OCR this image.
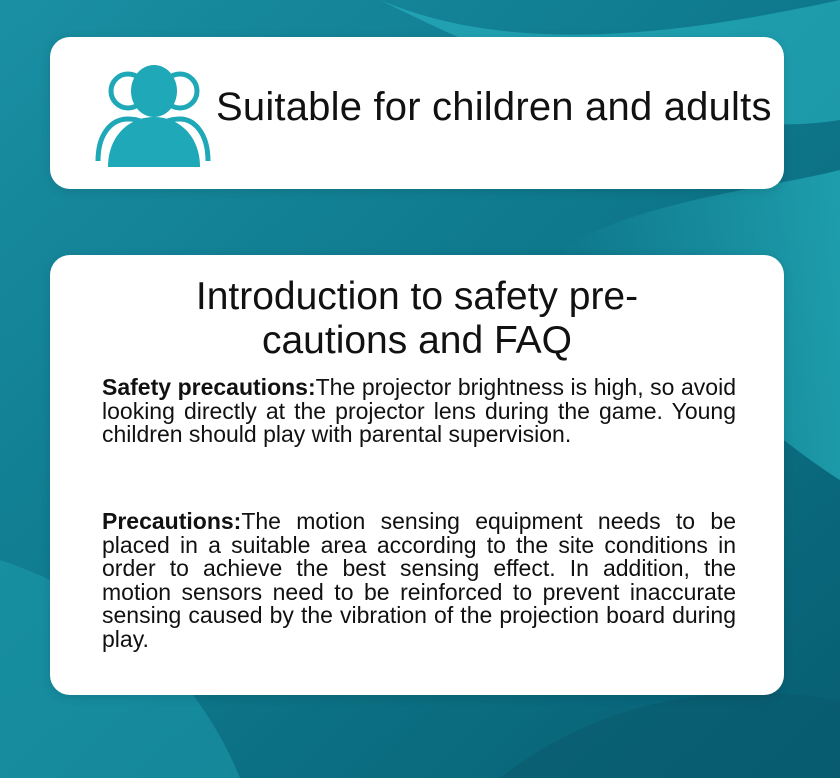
Suitable for children and adults
Introduction to safety pre-
cautions and FAQ
Safety precautions:The projector brightness is high, so avoid looking directly at the projector lens during the game. Young children should play with parental supervision.
Precautions:The motion sensing equipment needs to be placed in a suitable area according to the site conditions in order to achieve the best sensing effect. In addition, the motion sensors need to be reinforced to prevent inaccurate sensing caused by the vibration of the projection board during play.
